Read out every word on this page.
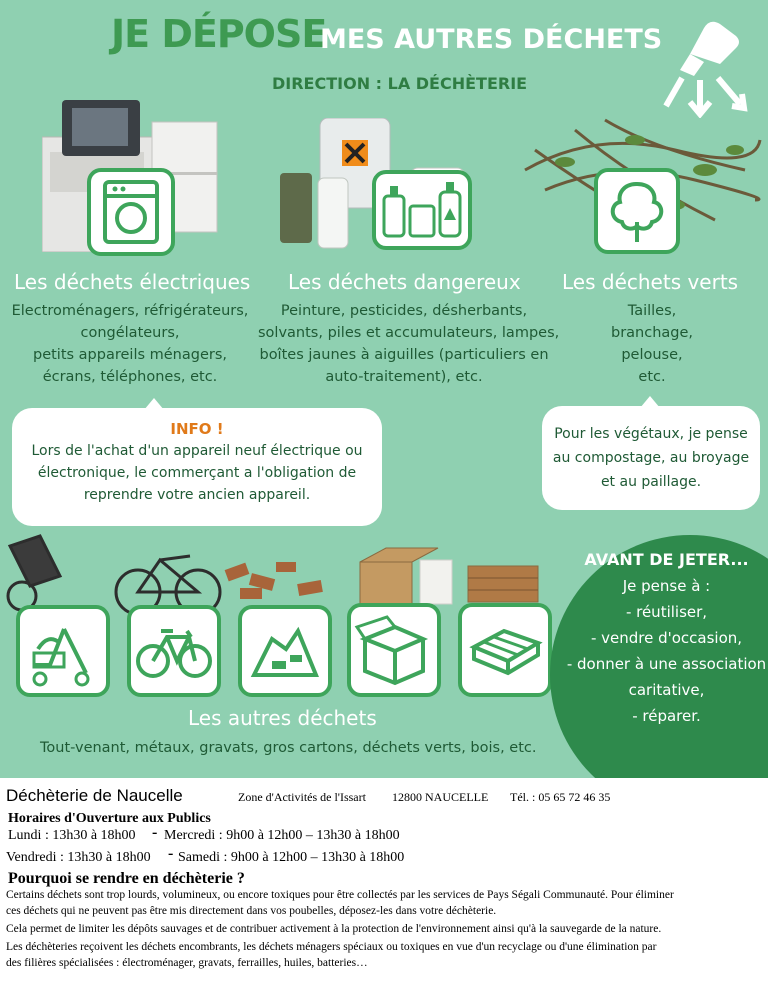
JE DÉPOSE
MES AUTRES DÉCHETS
DIRECTION : LA DÉCHÈTERIE
Les déchets électriques
Electroménagers, réfrigérateurs,
congélateurs,
petits appareils ménagers,
écrans, téléphones, etc.
Les déchets dangereux
Peinture, pesticides, désherbants,
solvants, piles et accumulateurs, lampes,
boîtes jaunes à aiguilles (particuliers en
auto-traitement), etc.
Les déchets verts
Tailles,
branchage,
pelouse,
etc.
INFO !
Lors de l'achat d'un appareil neuf électrique ou
électronique, le commerçant a l'obligation de
reprendre votre ancien appareil.
Pour les végétaux, je pense
au compostage, au broyage
et au paillage.
Les autres déchets
Tout-venant, métaux, gravats, gros cartons, déchets verts, bois, etc.
AVANT DE JETER...
Je pense à :
- réutiliser,
- vendre d'occasion,
- donner à une association
caritative,
- réparer.
Déchèterie de Naucelle	Zone d'Activités de l'Issart 12800 NAUCELLE Tél. : 05 65 72 46 35
Horaires d'Ouverture aux Publics
Lundi : 13h30 à 18h00 - Mercredi : 9h00 à 12h00 – 13h30 à 18h00
Vendredi : 13h30 à 18h00 - Samedi : 9h00 à 12h00 – 13h30 à 18h00
Pourquoi se rendre en déchèterie ?
Certains déchets sont trop lourds, volumineux, ou encore toxiques pour être collectés par les services de Pays Ségali Communauté. Pour éliminer
ces déchets qui ne peuvent pas être mis directement dans vos poubelles, déposez-les dans votre déchèterie.
Cela permet de limiter les dépôts sauvages et de contribuer activement à la protection de l'environnement ainsi qu'à la sauvegarde de la nature.
Les déchèteries reçoivent les déchets encombrants, les déchets ménagers spéciaux ou toxiques en vue d'un recyclage ou d'une élimination par
des filières spécialisées : électroménager, gravats, ferrailles, huiles, batteries…
